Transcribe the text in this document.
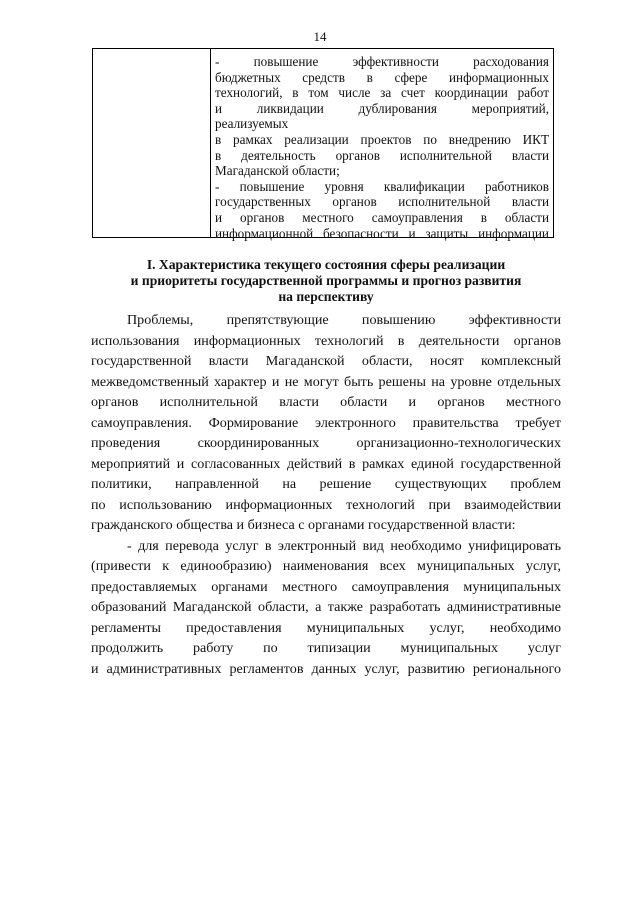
14
- повышение эффективности расходования
бюджетных средств в сфере информационных
технологий, в том числе за счет координации работ
и ликвидации дублирования мероприятий,
реализуемых
в рамках реализации проектов по внедрению ИКТ
в деятельность органов исполнительной власти
Магаданской области;
- повышение уровня квалификации работников
государственных органов исполнительной власти
и органов местного самоуправления в области
информационной безопасности и защиты информации
I. Характеристика текущего состояния сферы реализации
и приоритеты государственной программы и прогноз развития
на перспективу
Проблемы, препятствующие повышению эффективности
использования информационных технологий в деятельности органов
государственной власти Магаданской области, носят комплексный
межведомственный характер и не могут быть решены на уровне отдельных
органов исполнительной власти области и органов местного
самоуправления. Формирование электронного правительства требует
проведения скоординированных организационно-технологических
мероприятий и согласованных действий в рамках единой государственной
политики, направленной на решение существующих проблем
по использованию информационных технологий при взаимодействии
гражданского общества и бизнеса с органами государственной власти:
- для перевода услуг в электронный вид необходимо унифицировать
(привести к единообразию) наименования всех муниципальных услуг,
предоставляемых органами местного самоуправления муниципальных
образований Магаданской области, а также разработать административные
регламенты предоставления муниципальных услуг, необходимо
продолжить работу по типизации муниципальных услуг
и административных регламентов данных услуг, развитию регионального
